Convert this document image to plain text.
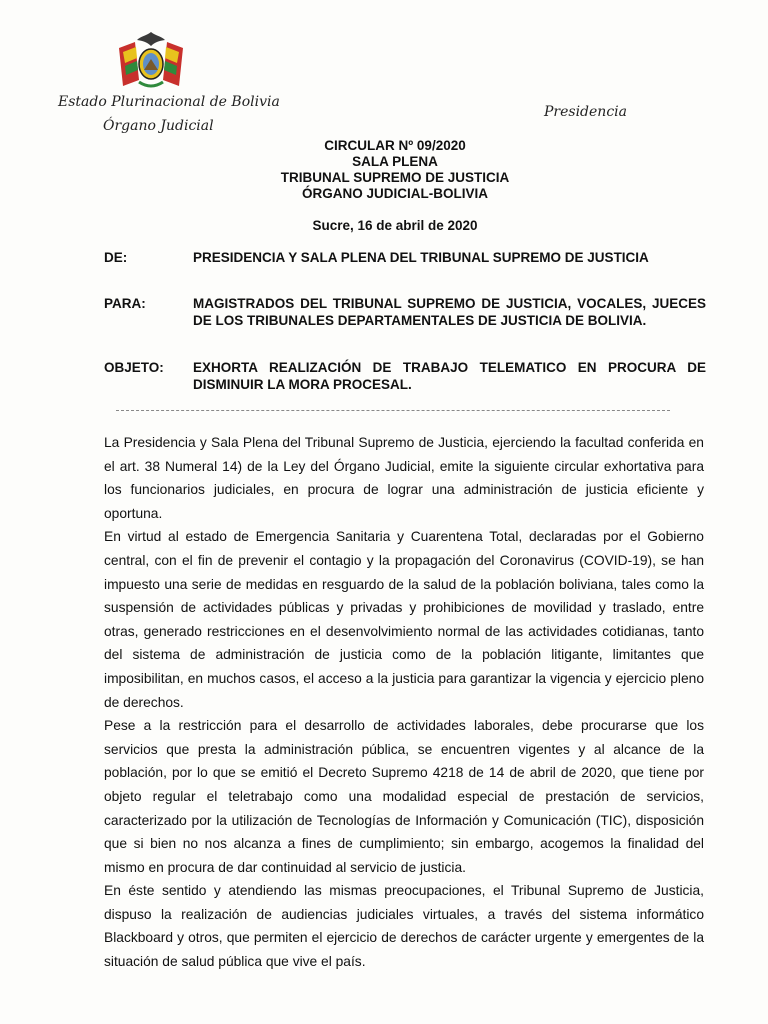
Estado Plurinacional de Bolivia
Órgano Judicial
Presidencia
CIRCULAR Nº 09/2020
SALA PLENA
TRIBUNAL SUPREMO DE JUSTICIA
ÓRGANO JUDICIAL-BOLIVIA
Sucre, 16 de abril de 2020
DE:	PRESIDENCIA Y SALA PLENA DEL TRIBUNAL SUPREMO DE JUSTICIA
PARA:	MAGISTRADOS DEL TRIBUNAL SUPREMO DE JUSTICIA, VOCALES, JUECES DE LOS TRIBUNALES DEPARTAMENTALES DE JUSTICIA DE BOLIVIA.
OBJETO:	EXHORTA REALIZACIÓN DE TRABAJO TELEMATICO EN PROCURA DE DISMINUIR LA MORA PROCESAL.

La Presidencia y Sala Plena del Tribunal Supremo de Justicia, ejerciendo la facultad conferida en el art. 38 Numeral 14) de la Ley del Órgano Judicial, emite la siguiente circular exhortativa para los funcionarios judiciales, en procura de lograr una administración de justicia eficiente y oportuna.

En virtud al estado de Emergencia Sanitaria y Cuarentena Total, declaradas por el Gobierno central, con el fin de prevenir el contagio y la propagación del Coronavirus (COVID-19), se han impuesto una serie de medidas en resguardo de la salud de la población boliviana, tales como la suspensión de actividades públicas y privadas y prohibiciones de movilidad y traslado, entre otras, generado restricciones en el desenvolvimiento normal de las actividades cotidianas, tanto del sistema de administración de justicia como de la población litigante, limitantes que imposibilitan, en muchos casos, el acceso a la justicia para garantizar la vigencia y ejercicio pleno de derechos.

Pese a la restricción para el desarrollo de actividades laborales, debe procurarse que los servicios que presta la administración pública, se encuentren vigentes y al alcance de la población, por lo que se emitió el Decreto Supremo 4218 de 14 de abril de 2020, que tiene por objeto regular el teletrabajo como una modalidad especial de prestación de servicios, caracterizado por la utilización de Tecnologías de Información y Comunicación (TIC), disposición que si bien no nos alcanza a fines de cumplimiento; sin embargo, acogemos la finalidad del mismo en procura de dar continuidad al servicio de justicia.

En éste sentido y atendiendo las mismas preocupaciones, el Tribunal Supremo de Justicia, dispuso la realización de audiencias judiciales virtuales, a través del sistema informático Blackboard y otros, que permiten el ejercicio de derechos de carácter urgente y emergentes de la situación de salud pública que vive el país.
